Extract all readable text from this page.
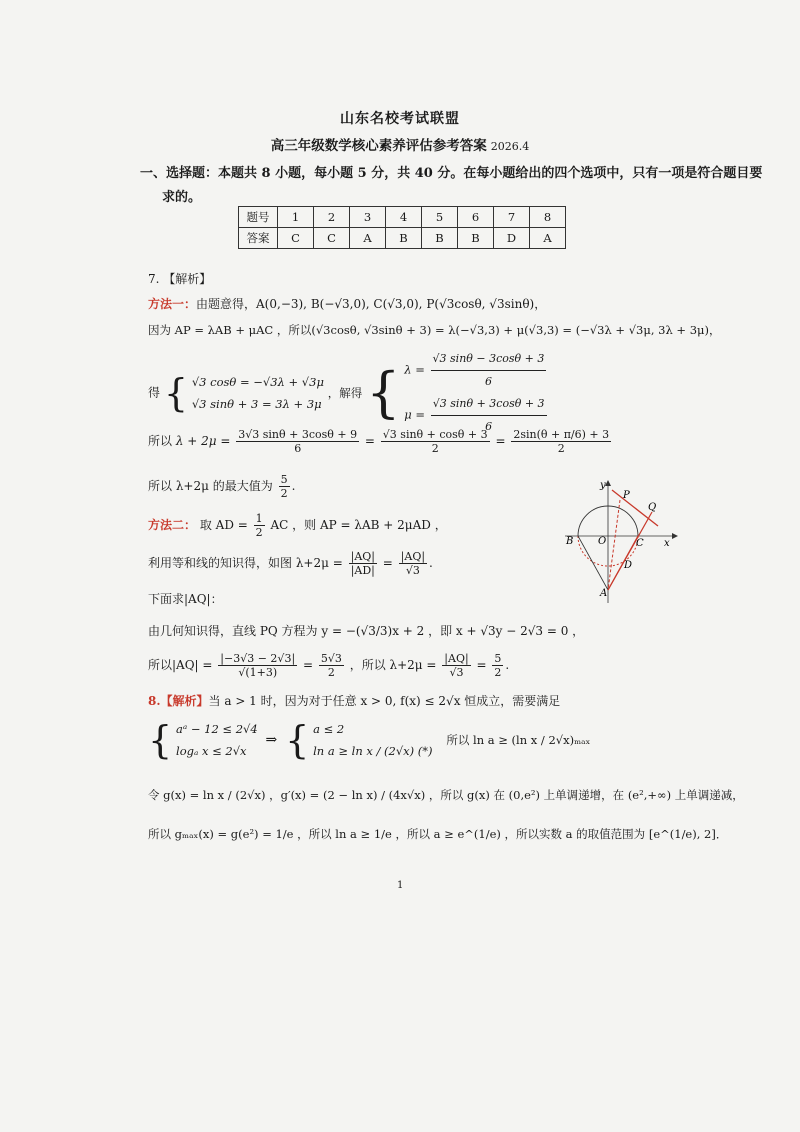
山东名校考试联盟
高三年级数学核心素养评估参考答案 2026.4
一、选择题：本题共 8 小题，每小题 5 分，共 40 分。在每小题给出的四个选项中，只有一项是符合题目要
求的。
题号	1	2	3	4	5	6	7	8
答案	C	C	A	B	B	B	D	A
7. 【解析】
方法一：由题意得，A(0,−3), B(−√3,0), C(√3,0), P(√3cosθ, √3sinθ)，
因为 AP = λAB + μAC ，所以(√3cosθ, √3sinθ + 3) = λ(−√3,3) + μ(√3,3) = (−√3λ + √3μ, 3λ + 3μ)，
得 { √3 cosθ = −√3λ + √3μ
√3 sinθ + 3 = 3λ + 3μ
，解得 { $\lambda = \frac{√3 \sin\theta - 3\cos\theta + 3}{6}$
$\mu = \frac{√3 \sin\theta + 3\cos\theta + 3}{6}$
所以 $\lambda + 2\mu = \frac{3√3 \sin\theta + 3\cos\theta + 9}{6} = \frac{√3 \sin\theta + \cos\theta + 3}{2} = \frac{2\sin(\theta + \pi/6) + 3}{2}$
所以 λ+2μ 的最大值为 $\frac{5}{2}$ .
方法二： 取 AD = $\frac{1}{2}$ AC ，则 AP = λAB + 2μAD ，
利用等和线的知识得，如图 $\lambda+2\mu = \frac{|AQ|}{|AD|} = \frac{|AQ|}{√3}$ .
下面求|AQ|：
由几何知识得，直线 PQ 方程为 y = −(√3/3)x + 2 ，即 x + √3y − 2√3 = 0 ，
所以$|AQ| = \frac{|-3√3 - 2√3|}{√(1+3)} = \frac{5√3}{2}$ ，所以 $\lambda+2\mu = \frac{|AQ|}{√3} = \frac{5}{2}$ .
8.【解析】当 a > 1 时，因为对于任意 x > 0, f(x) ≤ 2√x 恒成立，需要满足
{ aᵃ − 12 ≤ 2√4
logₐ x ≤ 2√x
⇒ { a ≤ 2
ln a ≥ ln x / (2√x) (*)
所以 ln a ≥ (ln x / 2√x)ₘₐₓ
令 g(x) = ln x / (2√x) ，g′(x) = (2 − ln x) / (4x√x) ，所以 g(x) 在 (0,e²) 上单调递增，在 (e²,+∞) 上单调递减，
所以 gₘₐₓ(x) = g(e²) = 1/e ，所以 ln a ≥ 1/e ，所以 a ≥ e^(1/e) ，所以实数 a 的取值范围为 [e^(1/e), 2]．
1
y
P
Q
B O	C x
D
A
